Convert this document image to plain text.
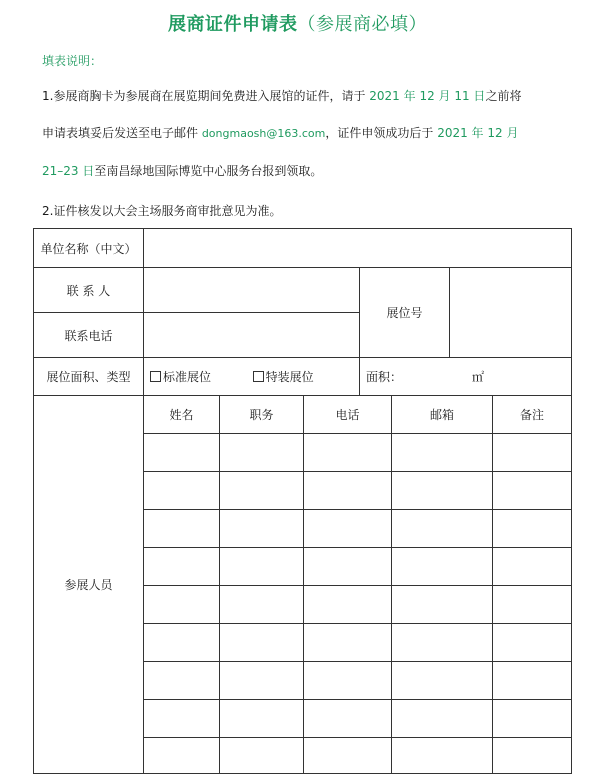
展商证件申请表（参展商必填）
填表说明：
1.参展商胸卡为参展商在展览期间免费进入展馆的证件，请于 2021 年 12 月 11 日之前将
申请表填妥后发送至电子邮件 dongmaosh@163.com，证件申领成功后于 2021 年 12 月
21–23 日至南昌绿地国际博览中心服务台报到领取。
2.证件核发以大会主场服务商审批意见为准。
单位名称（中文）							
联 系 人				展位号			
联系电话							
展位面积、类型	标准展位 特装展位			面积： ㎡			
参展人员	姓名	职务	电话		邮箱		备注
